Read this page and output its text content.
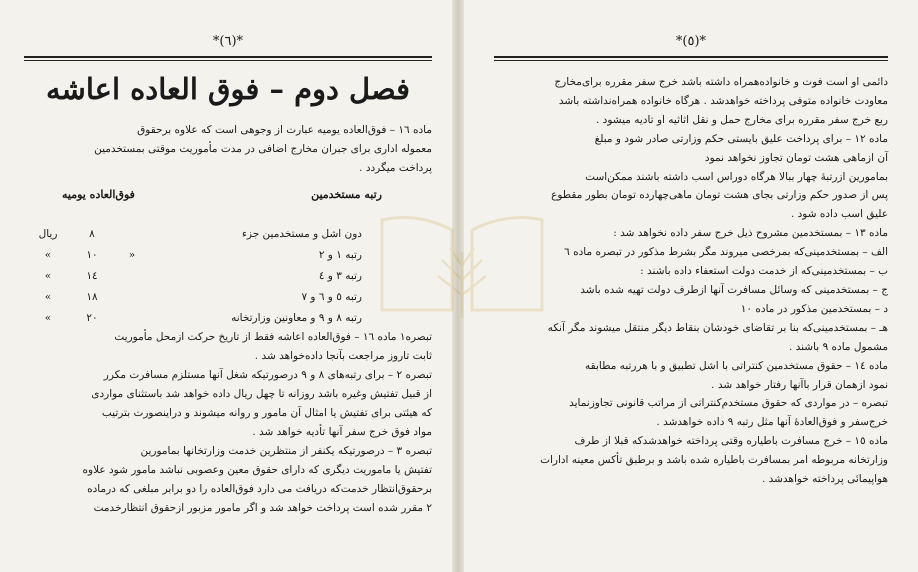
*(٦)*
فصل دوم – فوق العاده اعاشه

ماده ١٦ – فوق‌العاده یومیه عبارت از وجوهی است که علاوه برحقوق

معموله اداری برای جبران مخارج اضافی در مدت مأموریت موقتی بمستخدمین

پرداخت میگردد .

رتبه مستخدمین
فوق‌العاده یومیه
دون اشل و مستخدمین جزء
٨
ریال
رتبه ١ و ٢
«
١٠
»
رتبه ٣ و ٤
١٤
»
رتبه ٥ و ٦ و ٧
١٨
»
رتبه ٨ و ٩ و معاونین وزارتخانه
٢٠
»

تبصره١ ماده ١٦ – فوق‌العاده اعاشه فقط از تاریخ حرکت ازمحل مأموریت

ثابت تاروز مراجعت بآنجا داده‌خواهد شد .

تبصره ٢ – برای رتبه‌های ٨ و ٩ درصورتیکه شغل آنها مستلزم مسافرت مکرر

از قبیل تفتیش وغیره باشد روزانه تا چهل ریال داده خواهد شد باستثنای مواردی

که هیئتی برای تفتیش یا امثال آن مامور و روانه میشوند و دراینصورت بترتیب

مواد فوق خرج سفر آنها تأدیه خواهد شد .

تبصره ٣ – درصورتیکه یکنفر از منتظرین خدمت وزارتخانها بمامورین

تفتیش یا ماموریت دیگری که دارای حقوق معین وعصوبی نباشد مامور شود علاوه

برحقوق‌انتظار خدمت‌که دریافت می دارد فوق‌العاده را دو برابر مبلغی که درماده

٢ مقرر شده است پرداخت خواهد شد و اگر مامور مزبور ازحقوق انتظارخدمت

*(٥)*

دائمی او است فوت و خانواده‌همراه داشته باشد خرج سفر مقرره برای‌مخارج

معاودت خانواده متوفی پرداخته خواهدشد . هرگاه خانواده همراه‌نداشته باشد

ربع خرج سفر مقرره برای مخارج حمل و نقل اثاثیه او تادیه میشود .

ماده ١٢ – برای پرداخت علیق بایستی حکم وزارتی صادر شود و مبلغ

آن ازماهی هشت تومان تجاوز نخواهد نمود

بمامورین ازرتبهٔ چهار ببالا هرگاه دوراس اسب داشته باشند ممکن‌است

پس از صدور حکم وزارتی بجای هشت تومان ماهی‌چهارده تومان بطور مقطوع

علیق اسب داده شود .

ماده ١٣ – بمستخدمین مشروح ذیل خرج سفر داده نخواهد شد :

الف – بمستخدمینی‌که بمرخصی میروند مگر بشرط مذکور در تبصره ماده ٦

ب – بمستخدمینی‌که از خدمت دولت استعفاء داده باشند :

ج – بمستخدمینی که وسائل مسافرت آنها ازطرف دولت تهیه شده باشد

د – بمستخدمین مذکور در ماده ١٠

هـ – بمستخدمینی‌که بنا بر تقاضای خودشان بنقاط دیگر منتقل میشوند مگر آنکه

مشمول ماده ٩ باشند .

ماده ١٤ – حقوق مستخدمین کنتراتی با اشل تطبیق و با هررتبه مطابقه

نمود ازهمان قرار باآنها رفتار خواهد شد .

تبصره – در مواردی که حقوق مستخدم‌کنتراتی از مراتب قانونی تجاوزنماید

خرج‌سفر و فوق‌العادهٔ آنها مثل رتبه ٩ داده خواهدشد .

ماده ١٥ – خرج مسافرت باطیاره وقتی پرداخته خواهدشدکه قبلا از طرف

وزارتخانه مربوطه امر بمسافرت باطیاره شده باشد و برطبق تأکس معینه ادارات

هواپیمائی پرداخته خواهدشد .
